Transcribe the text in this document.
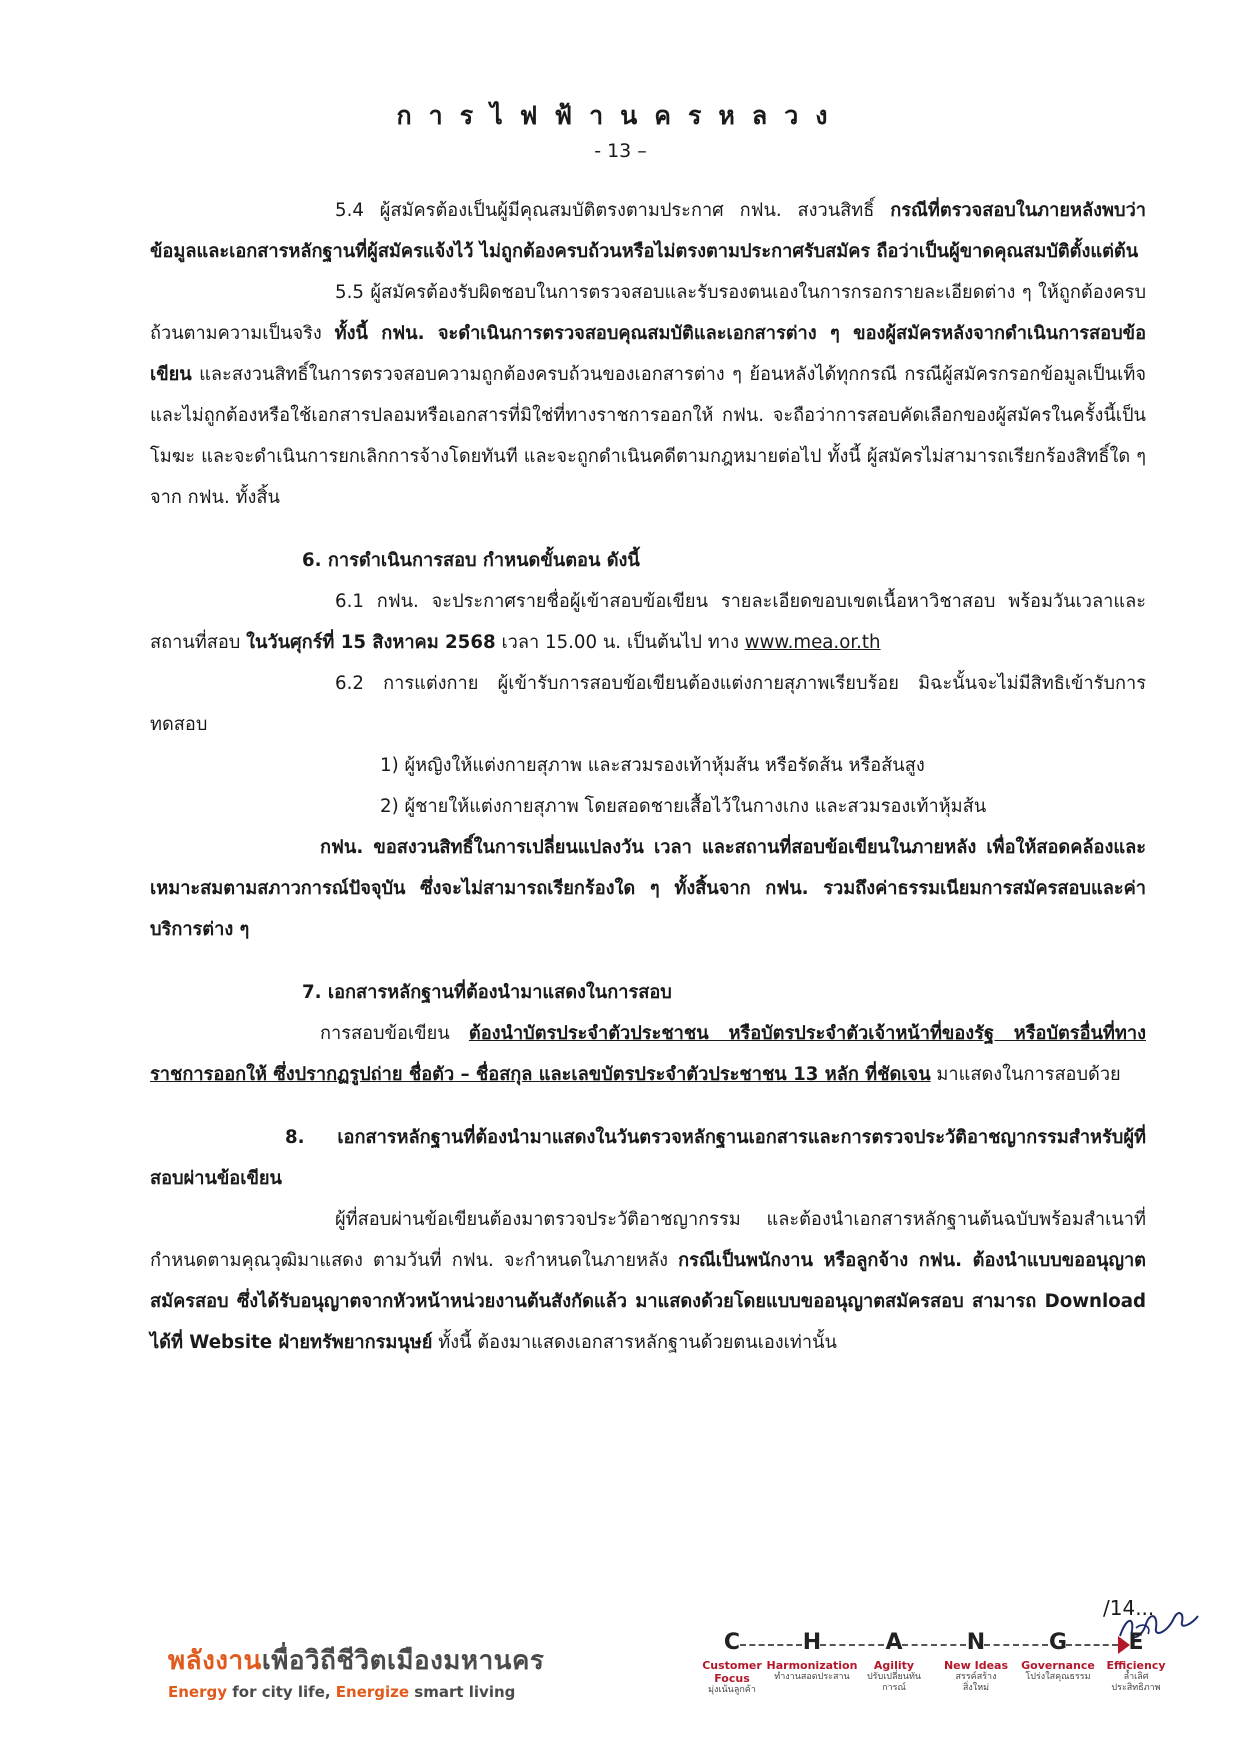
การไฟฟ้านครหลวง
- 13 –

5.4 ผู้สมัครต้องเป็นผู้มีคุณสมบัติตรงตามประกาศ กฟน. สงวนสิทธิ์ กรณีที่ตรวจสอบในภายหลังพบว่าข้อมูลและเอกสารหลักฐานที่ผู้สมัครแจ้งไว้ ไม่ถูกต้องครบถ้วนหรือไม่ตรงตามประกาศรับสมัคร ถือว่าเป็นผู้ขาดคุณสมบัติตั้งแต่ต้น

5.5 ผู้สมัครต้องรับผิดชอบในการตรวจสอบและรับรองตนเองในการกรอกรายละเอียดต่าง ๆ ให้ถูกต้องครบถ้วนตามความเป็นจริง ทั้งนี้ กฟน. จะดำเนินการตรวจสอบคุณสมบัติและเอกสารต่าง ๆ ของผู้สมัครหลังจากดำเนินการสอบข้อเขียน และสงวนสิทธิ์ในการตรวจสอบความถูกต้องครบถ้วนของเอกสารต่าง ๆ ย้อนหลังได้ทุกกรณี กรณีผู้สมัครกรอกข้อมูลเป็นเท็จ และไม่ถูกต้องหรือใช้เอกสารปลอมหรือเอกสารที่มิใช่ที่ทางราชการออกให้ กฟน. จะถือว่าการสอบคัดเลือกของผู้สมัครในครั้งนี้เป็นโมฆะ และจะดำเนินการยกเลิกการจ้างโดยทันที และจะถูกดำเนินคดีตามกฎหมายต่อไป ทั้งนี้ ผู้สมัครไม่สามารถเรียกร้องสิทธิ์ใด ๆ จาก กฟน. ทั้งสิ้น

6. การดำเนินการสอบ กำหนดขั้นตอน ดังนี้

6.1 กฟน. จะประกาศรายชื่อผู้เข้าสอบข้อเขียน รายละเอียดขอบเขตเนื้อหาวิชาสอบ พร้อมวันเวลาและสถานที่สอบ ในวันศุกร์ที่ 15 สิงหาคม 2568 เวลา 15.00 น. เป็นต้นไป ทาง www.mea.or.th

6.2 การแต่งกาย ผู้เข้ารับการสอบข้อเขียนต้องแต่งกายสุภาพเรียบร้อย มิฉะนั้นจะไม่มีสิทธิเข้ารับการทดสอบ

1) ผู้หญิงให้แต่งกายสุภาพ และสวมรองเท้าหุ้มส้น หรือรัดส้น หรือส้นสูง

2) ผู้ชายให้แต่งกายสุภาพ โดยสอดชายเสื้อไว้ในกางเกง และสวมรองเท้าหุ้มส้น

กฟน. ขอสงวนสิทธิ์ในการเปลี่ยนแปลงวัน เวลา และสถานที่สอบข้อเขียนในภายหลัง เพื่อให้สอดคล้องและเหมาะสมตามสภาวการณ์ปัจจุบัน ซึ่งจะไม่สามารถเรียกร้องใด ๆ ทั้งสิ้นจาก กฟน. รวมถึงค่าธรรมเนียมการสมัครสอบและค่าบริการต่าง ๆ

7. เอกสารหลักฐานที่ต้องนำมาแสดงในการสอบ

การสอบข้อเขียน ต้องนำบัตรประจำตัวประชาชน หรือบัตรประจำตัวเจ้าหน้าที่ของรัฐ หรือบัตรอื่นที่ทางราชการออกให้ ซึ่งปรากฏรูปถ่าย ชื่อตัว – ชื่อสกุล และเลขบัตรประจำตัวประชาชน 13 หลัก ที่ชัดเจน มาแสดงในการสอบด้วย

8. เอกสารหลักฐานที่ต้องนำมาแสดงในวันตรวจหลักฐานเอกสารและการตรวจประวัติอาชญากรรมสำหรับผู้ที่สอบผ่านข้อเขียน

ผู้ที่สอบผ่านข้อเขียนต้องมาตรวจประวัติอาชญากรรม และต้องนำเอกสารหลักฐานต้นฉบับพร้อมสำเนาที่กำหนดตามคุณวุฒิมาแสดง ตามวันที่ กฟน. จะกำหนดในภายหลัง กรณีเป็นพนักงาน หรือลูกจ้าง กฟน. ต้องนำแบบขออนุญาตสมัครสอบ ซึ่งได้รับอนุญาตจากหัวหน้าหน่วยงานต้นสังกัดแล้ว มาแสดงด้วยโดยแบบขออนุญาตสมัครสอบ สามารถ Download ได้ที่ Website ฝ่ายทรัพยากรมนุษย์ ทั้งนี้ ต้องมาแสดงเอกสารหลักฐานด้วยตนเองเท่านั้น

/14...
พลังงานเพื่อวิถีชีวิตเมืองมหานคร
Energy for city life, Energize smart living
C
Customer Focus
มุ่งเน้นลูกค้า
H
Harmonization
ทำงานสอดประสาน
A
Agility
ปรับเปลี่ยนทันการณ์
N
New Ideas
สรรค์สร้างสิ่งใหม่
G
Governance
โปร่งใสคุณธรรม
E
Efficiency
ล้ำเลิศประสิทธิภาพ
